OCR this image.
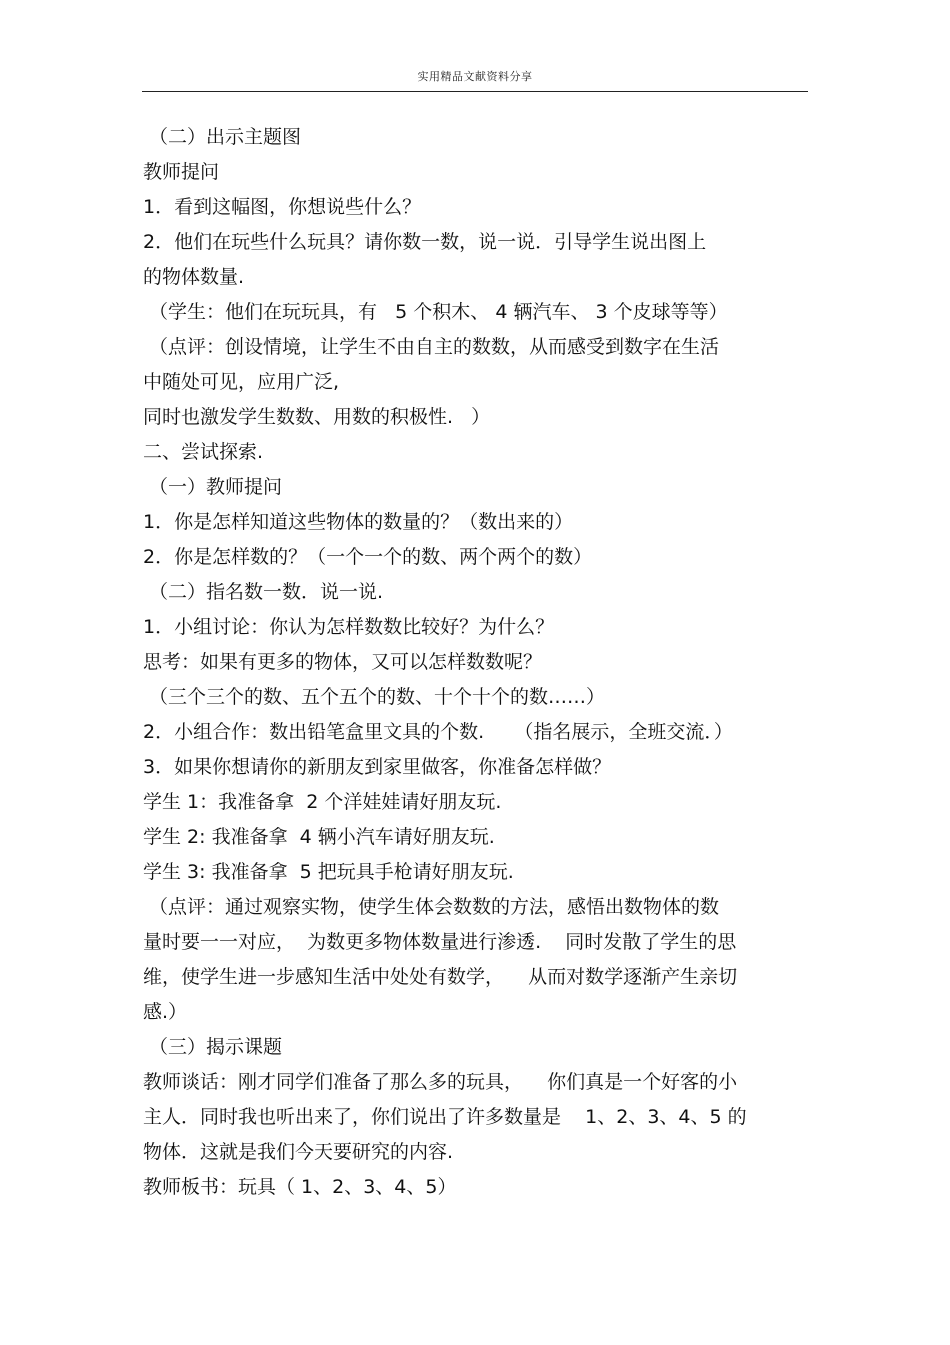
实用精品文献资料分享
（二）出示主题图
教师提问
1．看到这幅图，你想说些什么？
2．他们在玩些什么玩具？请你数一数，说一说．引导学生说出图上
的物体数量.
（学生：他们在玩玩具，有   5 个积木、 4 辆汽车、 3 个皮球等等）
（点评：创设情境，让学生不由自主的数数，从而感受到数字在生活
中随处可见，应用广泛,
同时也激发学生数数、用数的积极性.   ）
二、尝试探索.
（一）教师提问
1．你是怎样知道这些物体的数量的？（数出来的）
2．你是怎样数的？（一个一个的数、两个两个的数）
（二）指名数一数．说一说.
1．小组讨论：你认为怎样数数比较好？为什么？
思考：如果有更多的物体，又可以怎样数数呢？
（三个三个的数、五个五个的数、十个十个的数……）
2．小组合作：数出铅笔盒里文具的个数.     （指名展示，全班交流．）
3．如果你想请你的新朋友到家里做客，你准备怎样做？
学生 1：我准备拿  2 个洋娃娃请好朋友玩.
学生 2: 我准备拿  4 辆小汽车请好朋友玩.
学生 3: 我准备拿  5 把玩具手枪请好朋友玩.
（点评：通过观察实物，使学生体会数数的方法，感悟出数物体的数
量时要一一对应，  为数更多物体数量进行渗透.    同时发散了学生的思
维，使学生进一步感知生活中处处有数学，    从而对数学逐渐产生亲切
感.）
（三）揭示课题
教师谈话：刚才同学们准备了那么多的玩具，    你们真是一个好客的小
主人．同时我也听出来了，你们说出了许多数量是    1、2、3、4、5 的
物体．这就是我们今天要研究的内容.
教师板书：玩具（ 1、2、3、4、5）
